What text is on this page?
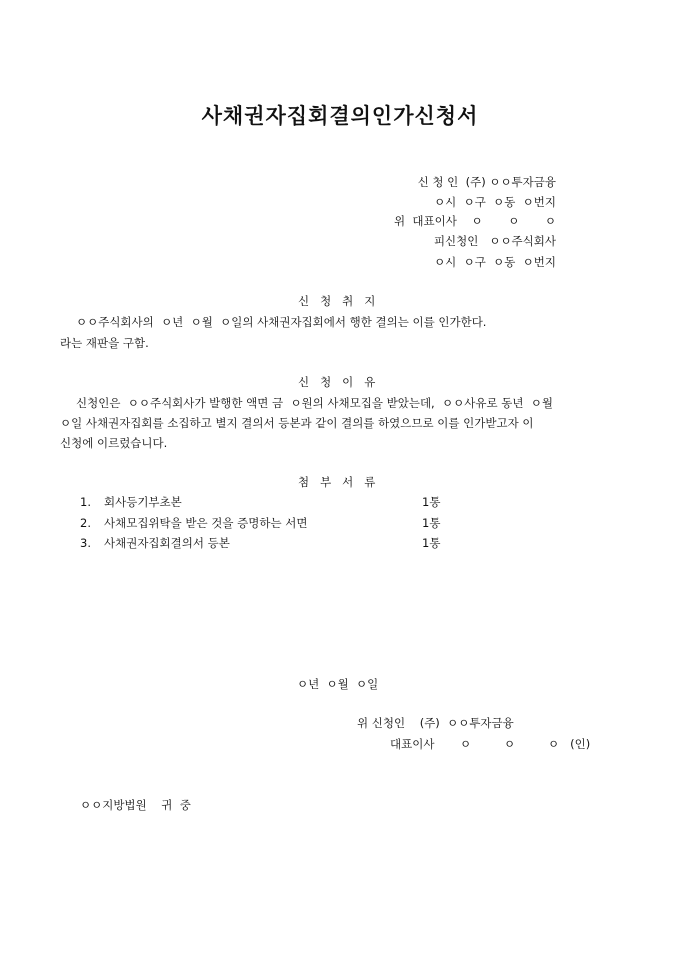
사채권자집회결의인가신청서
신 청 인  (주) ㅇㅇ투자금융
ㅇ시  ㅇ구  ㅇ동  ㅇ번지
위  대표이사    ㅇ       ㅇ       ㅇ
피신청인   ㅇㅇ주식회사
ㅇ시  ㅇ구  ㅇ동  ㅇ번지
신   청   취   지
ㅇㅇ주식회사의  ㅇ년  ㅇ월  ㅇ일의 사채권자집회에서 행한 결의는 이를 인가한다.
라는 재판을 구함.
신   청   이   유
신청인은  ㅇㅇ주식회사가 발행한 액면 금  ㅇ원의 사채모집을 받았는데,  ㅇㅇ사유로 동년  ㅇ월
ㅇ일 사채권자집회를 소집하고 별지 결의서 등본과 같이 결의를 하였으므로 이를 인가받고자 이
신청에 이르렀습니다.
첨   부   서   류
1. 회사등기부초본	1통
2. 사채모집위탁을 받은 것을 증명하는 서면	1통
3. 사채권자집회결의서 등본	1통
ㅇ년  ㅇ월  ㅇ일
위 신청인    (주)  ㅇㅇ투자금융
대표이사       ㅇ         ㅇ         ㅇ   (인)
ㅇㅇ지방법원    귀  중
